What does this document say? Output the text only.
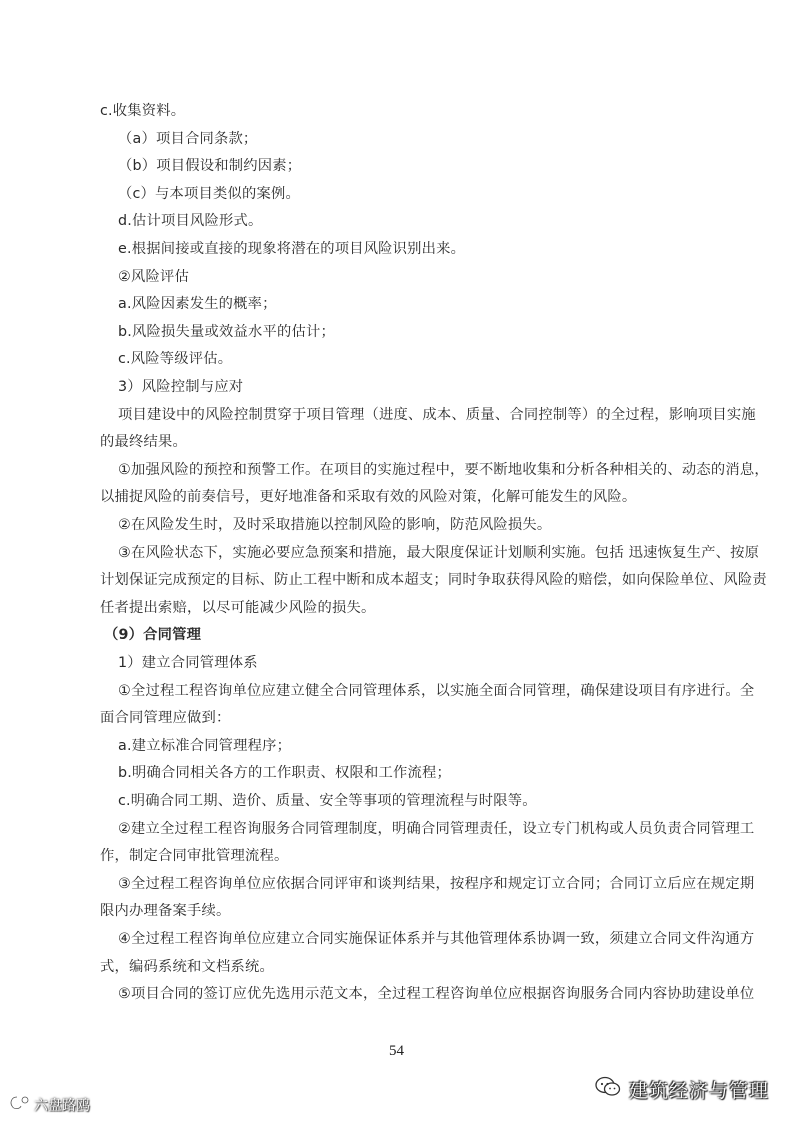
c.收集资料。
（a）项目合同条款；
（b）项目假设和制约因素；
（c）与本项目类似的案例。
d.估计项目风险形式。
e.根据间接或直接的现象将潜在的项目风险识别出来。
②风险评估
a.风险因素发生的概率；
b.风险损失量或效益水平的估计；
c.风险等级评估。
3）风险控制与应对
项目建设中的风险控制贯穿于项目管理（进度、成本、质量、合同控制等）的全过程，影响项目实施
的最终结果。
①加强风险的预控和预警工作。在项目的实施过程中，要不断地收集和分析各种相关的、动态的消息，
以捕捉风险的前奏信号，更好地准备和采取有效的风险对策，化解可能发生的风险。
②在风险发生时，及时采取措施以控制风险的影响，防范风险损失。
③在风险状态下，实施必要应急预案和措施，最大限度保证计划顺利实施。包括 迅速恢复生产、按原
计划保证完成预定的目标、防止工程中断和成本超支；同时争取获得风险的赔偿，如向保险单位、风险责
任者提出索赔，以尽可能减少风险的损失。
（9）合同管理
1）建立合同管理体系
①全过程工程咨询单位应建立健全合同管理体系，以实施全面合同管理，确保建设项目有序进行。全
面合同管理应做到：
a.建立标准合同管理程序；
b.明确合同相关各方的工作职责、权限和工作流程；
c.明确合同工期、造价、质量、安全等事项的管理流程与时限等。
②建立全过程工程咨询服务合同管理制度，明确合同管理责任，设立专门机构或人员负责合同管理工
作，制定合同审批管理流程。
③全过程工程咨询单位应依据合同评审和谈判结果，按程序和规定订立合同；合同订立后应在规定期
限内办理备案手续。
④全过程工程咨询单位应建立合同实施保证体系并与其他管理体系协调一致，须建立合同文件沟通方
式，编码系统和文档系统。
⑤项目合同的签订应优先选用示范文本，全过程工程咨询单位应根据咨询服务合同内容协助建设单位
54
建筑经济与管理
六盘路鸥
